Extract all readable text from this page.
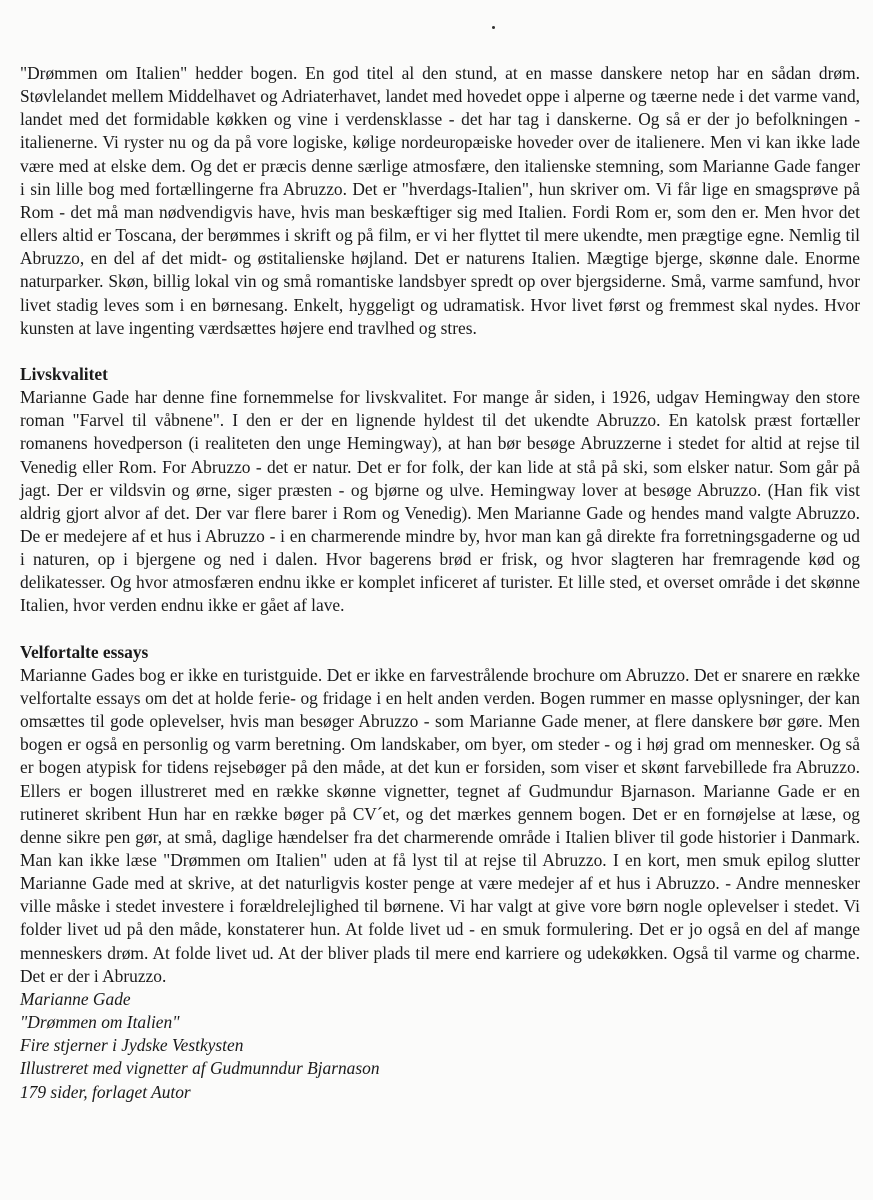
"Drømmen om Italien" hedder bogen. En god titel al den stund, at en masse danskere netop har en sådan drøm. Støvlelandet mellem Middelhavet og Adriaterhavet, landet med hovedet oppe i alperne og tæerne nede i det varme vand, landet med det formidable køkken og vine i verdensklasse - det har tag i danskerne. Og så er der jo befolkningen - italienerne. Vi ryster nu og da på vore logiske, kølige nordeuropæiske hoveder over de italienere. Men vi kan ikke lade være med at elske dem. Og det er præcis denne særlige atmosfære, den italienske stemning, som Marianne Gade fanger i sin lille bog med fortællingerne fra Abruzzo. Det er "hverdags-Italien", hun skriver om. Vi får lige en smagsprøve på Rom - det må man nødvendigvis have, hvis man beskæftiger sig med Italien. Fordi Rom er, som den er. Men hvor det ellers altid er Toscana, der berømmes i skrift og på film, er vi her flyttet til mere ukendte, men prægtige egne. Nemlig til Abruzzo, en del af det midt- og østitalienske højland. Det er naturens Italien. Mægtige bjerge, skønne dale. Enorme naturparker. Skøn, billig lokal vin og små romantiske landsbyer spredt op over bjergsiderne. Små, varme samfund, hvor livet stadig leves som i en børnesang. Enkelt, hyggeligt og udramatisk. Hvor livet først og fremmest skal nydes. Hvor kunsten at lave ingenting værdsættes højere end travlhed og stres.

Livskvalitet

Marianne Gade har denne fine fornemmelse for livskvalitet. For mange år siden, i 1926, udgav Hemingway den store roman "Farvel til våbnene". I den er der en lignende hyldest til det ukendte Abruzzo. En katolsk præst fortæller romanens hovedperson (i realiteten den unge Hemingway), at han bør besøge Abruzzerne i stedet for altid at rejse til Venedig eller Rom. For Abruzzo - det er natur. Det er for folk, der kan lide at stå på ski, som elsker natur. Som går på jagt. Der er vildsvin og ørne, siger præsten - og bjørne og ulve. Hemingway lover at besøge Abruzzo. (Han fik vist aldrig gjort alvor af det. Der var flere barer i Rom og Venedig). Men Marianne Gade og hendes mand valgte Abruzzo. De er medejere af et hus i Abruzzo - i en charmerende mindre by, hvor man kan gå direkte fra forretningsgaderne og ud i naturen, op i bjergene og ned i dalen. Hvor bagerens brød er frisk, og hvor slagteren har fremragende kød og delikatesser. Og hvor atmosfæren endnu ikke er komplet inficeret af turister. Et lille sted, et overset område i det skønne Italien, hvor verden endnu ikke er gået af lave.

Velfortalte essays

Marianne Gades bog er ikke en turistguide. Det er ikke en farvestrålende brochure om Abruzzo. Det er snarere en række velfortalte essays om det at holde ferie- og fridage i en helt anden verden. Bogen rummer en masse oplysninger, der kan omsættes til gode oplevelser, hvis man besøger Abruzzo - som Marianne Gade mener, at flere danskere bør gøre. Men bogen er også en personlig og varm beretning. Om landskaber, om byer, om steder - og i høj grad om mennesker. Og så er bogen atypisk for tidens rejsebøger på den måde, at det kun er forsiden, som viser et skønt farvebillede fra Abruzzo. Ellers er bogen illustreret med en række skønne vignetter, tegnet af Gudmundur Bjarnason. Marianne Gade er en rutineret skribent Hun har en række bøger på CV´et, og det mærkes gennem bogen. Det er en fornøjelse at læse, og denne sikre pen gør, at små, daglige hændelser fra det charmerende område i Italien bliver til gode historier i Danmark. Man kan ikke læse "Drømmen om Italien" uden at få lyst til at rejse til Abruzzo. I en kort, men smuk epilog slutter Marianne Gade med at skrive, at det naturligvis koster penge at være medejer af et hus i Abruzzo. - Andre mennesker ville måske i stedet investere i forældrelejlighed til børnene. Vi har valgt at give vore børn nogle oplevelser i stedet. Vi folder livet ud på den måde, konstaterer hun. At folde livet ud - en smuk formulering. Det er jo også en del af mange menneskers drøm. At folde livet ud. At der bliver plads til mere end karriere og udekøkken. Også til varme og charme. Det er der i Abruzzo.

Marianne Gade

"Drømmen om Italien"

Fire stjerner i Jydske Vestkysten

Illustreret med vignetter af Gudmunndur Bjarnason

179 sider, forlaget Autor
